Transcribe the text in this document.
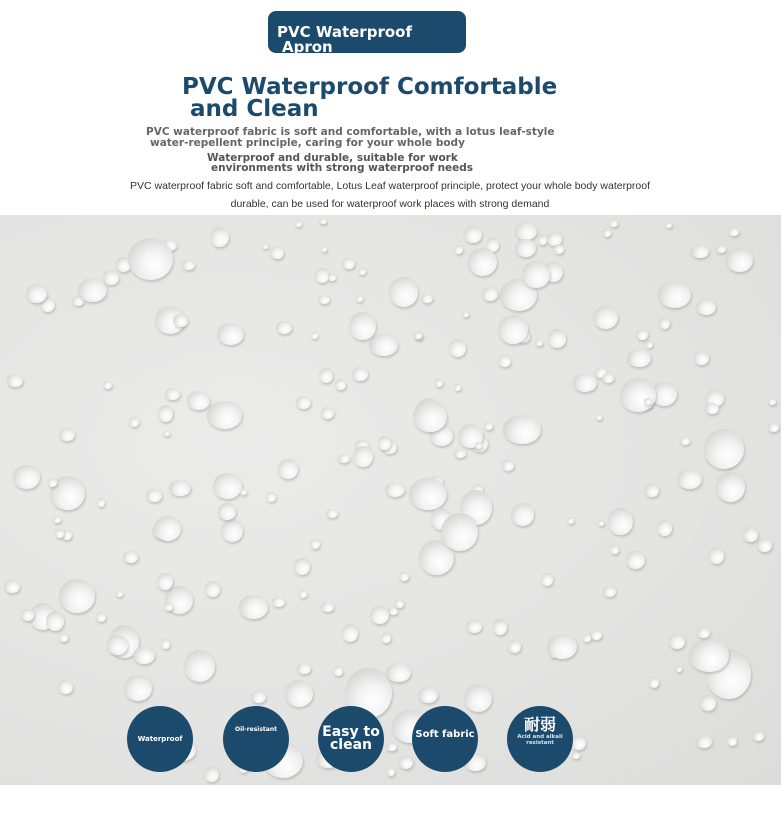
PVC Waterproof
Apron
PVC Waterproof Comfortable
and Clean
PVC waterproof fabric is soft and comfortable, with a lotus leaf-style
water-repellent principle, caring for your whole body
Waterproof and durable, suitable for work
environments with strong waterproof needs
PVC waterproof fabric soft and comfortable, Lotus Leaf waterproof principle, protect your whole body waterproof
durable, can be used for waterproof work places with strong demand
Waterproof
Oil-resistant	Easy to clean
Soft fabric
耐弱
Acid and alkali resistant
